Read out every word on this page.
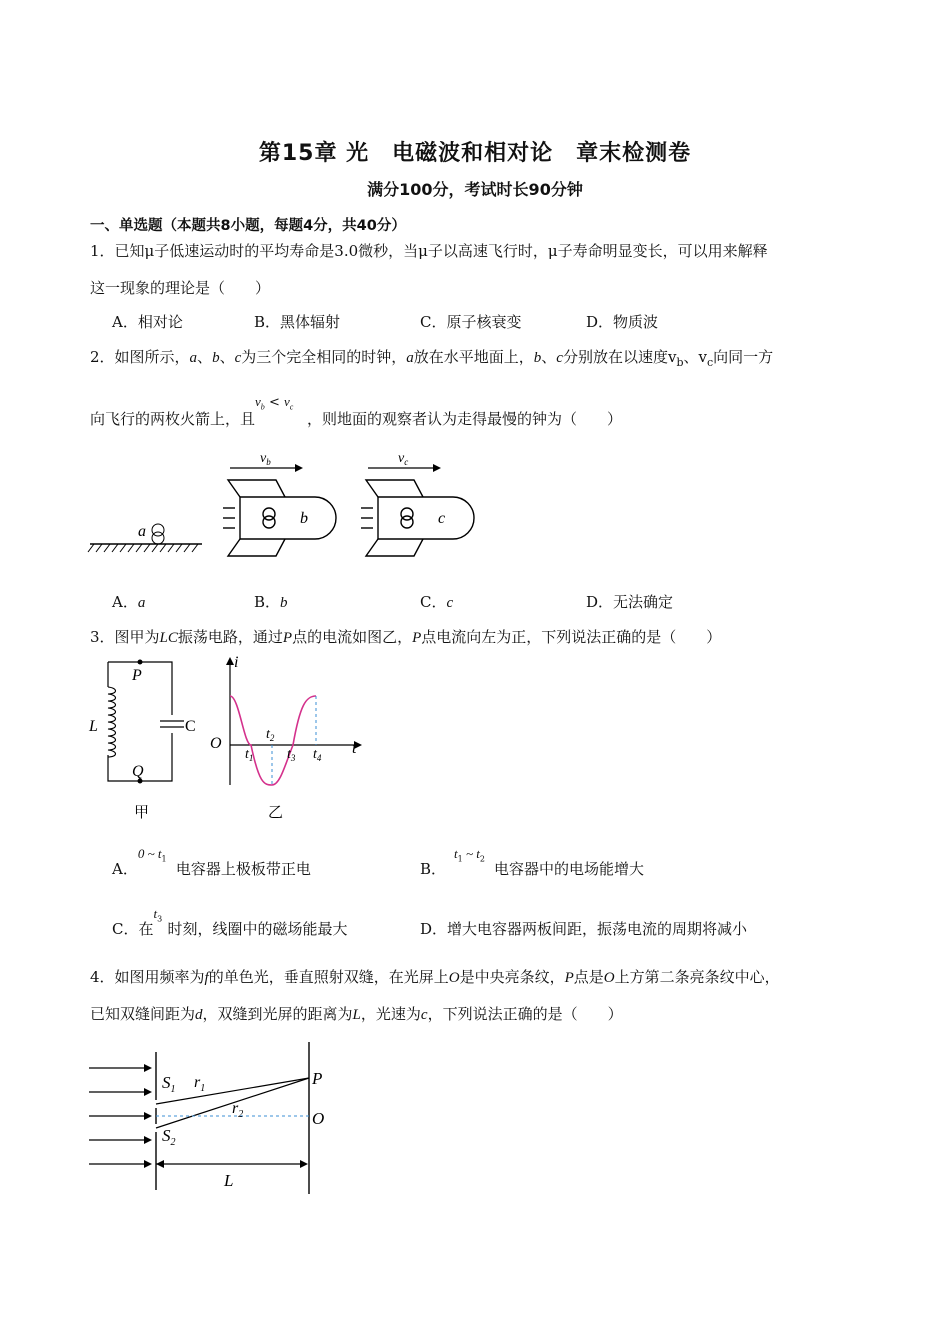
第15章 光　电磁波和相对论　章末检测卷
满分100分，考试时长90分钟
一、单选题（本题共8小题，每题4分，共40分）
1．已知μ子低速运动时的平均寿命是3.0微秒，当μ子以高速飞行时，μ子寿命明显变长，可以用来解释
这一现象的理论是（　　）
A．相对论	B．黑体辐射	C．原子核衰变	D．物质波
2．如图所示，a、b、c为三个完全相同的时钟，a放在水平地面上，b、c分别放在以速度$v_b$、$v_c$向同一方
向飞行的两枚火箭上，且
$v_b < v_c$
，则地面的观察者认为走得最慢的钟为（　　）
a
b
$v_b$
c
$v_c$
A．a	B．b	C．c	D．无法确定
3．图甲为LC振荡电路，通过P点的电流如图乙，P点电流向左为正，下列说法正确的是（　　）
P
Q
L	C
甲
i
O	t
$t_1$
$t_2$
$t_3$ $t_4$
乙
A．
0 ~ $t_1$
电容器上极板带正电	B．
$t_1$ ~ $t_2$
电容器中的电场能增大
C．在
$t_3$
时刻，线圈中的磁场能最大	D．增大电容器两板间距，振荡电流的周期将减小
4．如图用频率为f的单色光，垂直照射双缝，在光屏上O是中央亮条纹，P点是O上方第二条亮条纹中心，
已知双缝间距为d，双缝到光屏的距离为L，光速为c，下列说法正确的是（　　）
$S_1$
$S_2$
$r_1$
$r_2$
P
O
L
